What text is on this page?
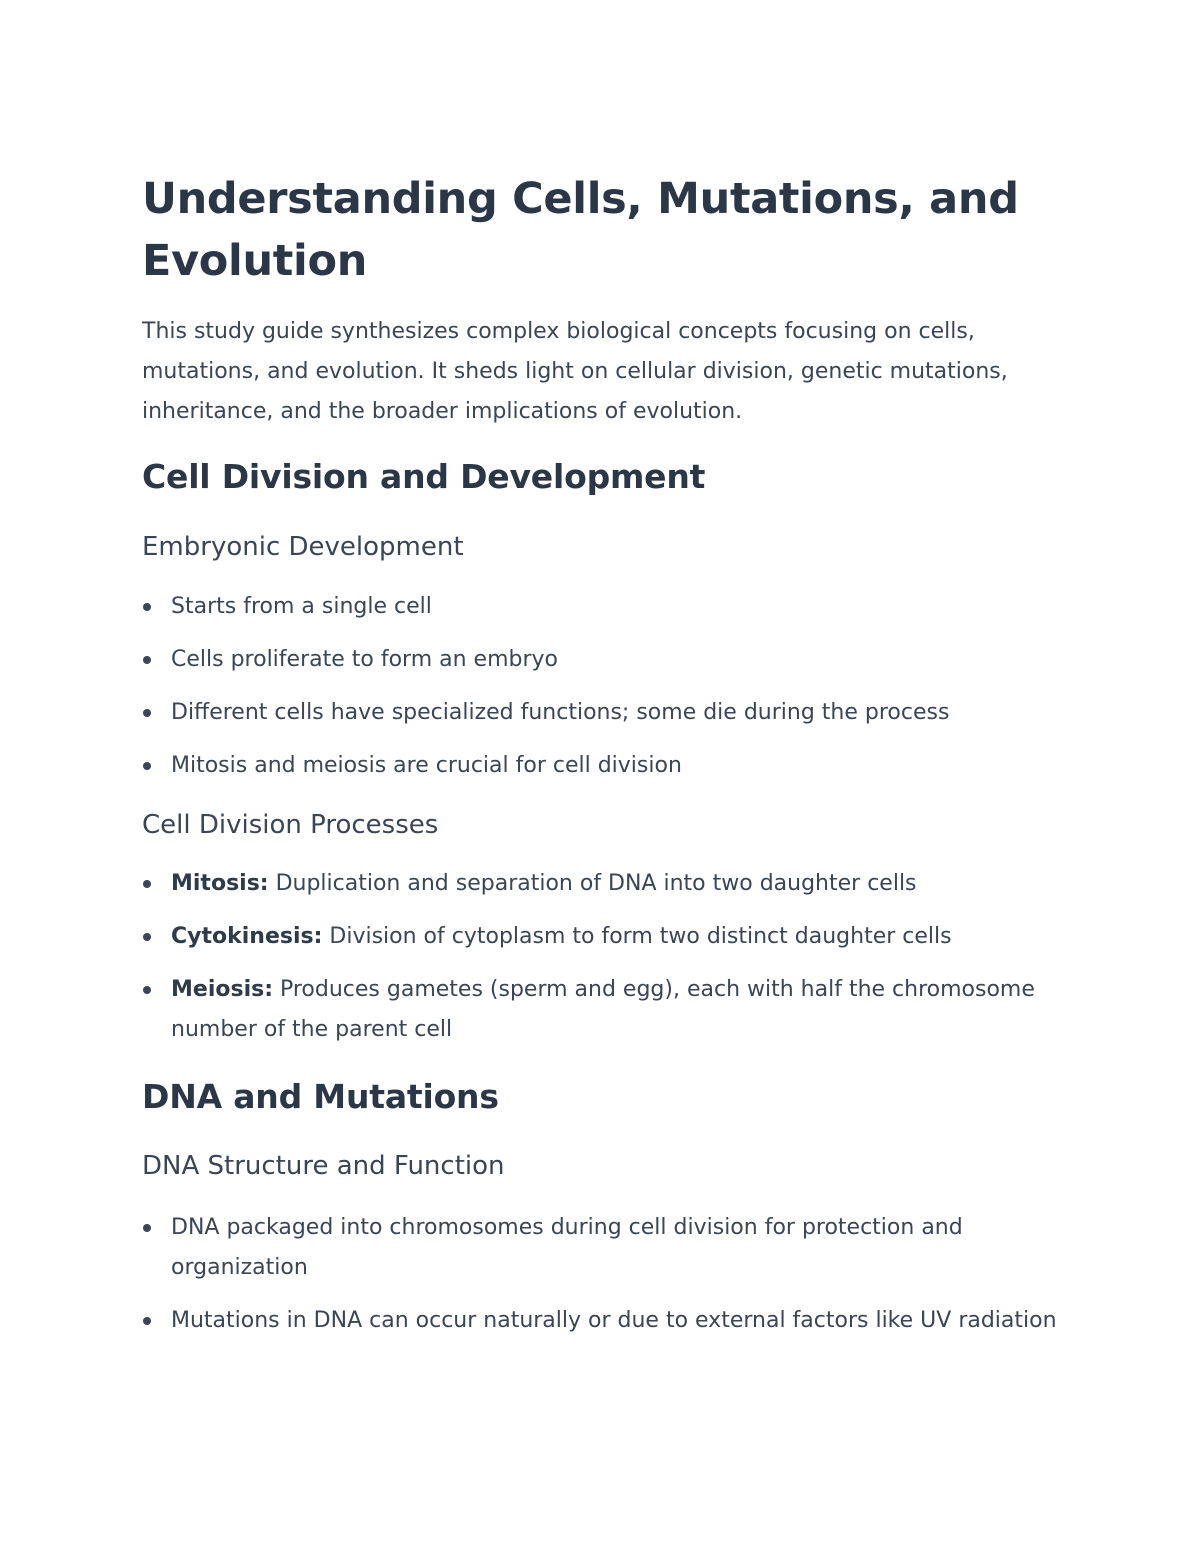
Understanding Cells, Mutations, and Evolution

This study guide synthesizes complex biological concepts focusing on cells, mutations, and evolution. It sheds light on cellular division, genetic mutations, inheritance, and the broader implications of evolution.

Cell Division and Development
Embryonic Development
Starts from a single cell
Cells proliferate to form an embryo
Different cells have specialized functions; some die during the process
Mitosis and meiosis are crucial for cell division
Cell Division Processes
Mitosis: Duplication and separation of DNA into two daughter cells
Cytokinesis: Division of cytoplasm to form two distinct daughter cells
Meiosis: Produces gametes (sperm and egg), each with half the chromosome number of the parent cell
DNA and Mutations
DNA Structure and Function
DNA packaged into chromosomes during cell division for protection and organization
Mutations in DNA can occur naturally or due to external factors like UV radiation
